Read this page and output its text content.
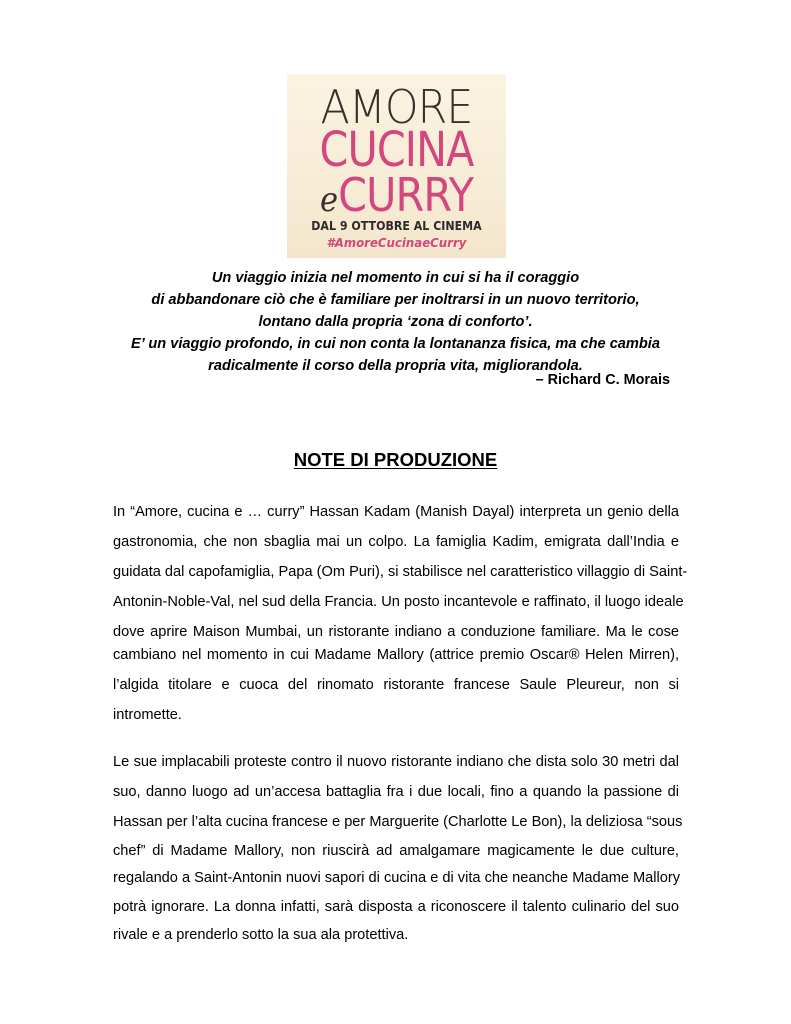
AMORE
CUCINA
eCURRY
DAL 9 OTTOBRE AL CINEMA
#AmoreCucinaeCurry
Un viaggio inizia nel momento in cui si ha il coraggio
di abbandonare ciò che è familiare per inoltrarsi in un nuovo territorio,
lontano dalla propria ‘zona di conforto’.
E’ un viaggio profondo, in cui non conta la lontananza fisica, ma che cambia
radicalmente il corso della propria vita, migliorandola.
– Richard C. Morais
NOTE DI PRODUZIONE
In “Amore, cucina e … curry” Hassan Kadam (Manish Dayal) interpreta un genio della
gastronomia, che non sbaglia mai un colpo. La famiglia Kadim, emigrata dall’India e
guidata dal capofamiglia, Papa (Om Puri), si stabilisce nel caratteristico villaggio di Saint-
Antonin-Noble-Val, nel sud della Francia. Un posto incantevole e raffinato, il luogo ideale
dove aprire Maison Mumbai, un ristorante indiano a conduzione familiare. Ma le cose
cambiano nel momento in cui Madame Mallory (attrice premio Oscar® Helen Mirren),
l’algida titolare e cuoca del rinomato ristorante francese Saule Pleureur, non si
intromette.
Le sue implacabili proteste contro il nuovo ristorante indiano che dista solo 30 metri dal
suo, danno luogo ad un’accesa battaglia fra i due locali, fino a quando la passione di
Hassan per l’alta cucina francese e per Marguerite (Charlotte Le Bon), la deliziosa “sous
chef” di Madame Mallory, non riuscirà ad amalgamare magicamente le due culture,
regalando a Saint-Antonin nuovi sapori di cucina e di vita che neanche Madame Mallory
potrà ignorare. La donna infatti, sarà disposta a riconoscere il talento culinario del suo
rivale e a prenderlo sotto la sua ala protettiva.
